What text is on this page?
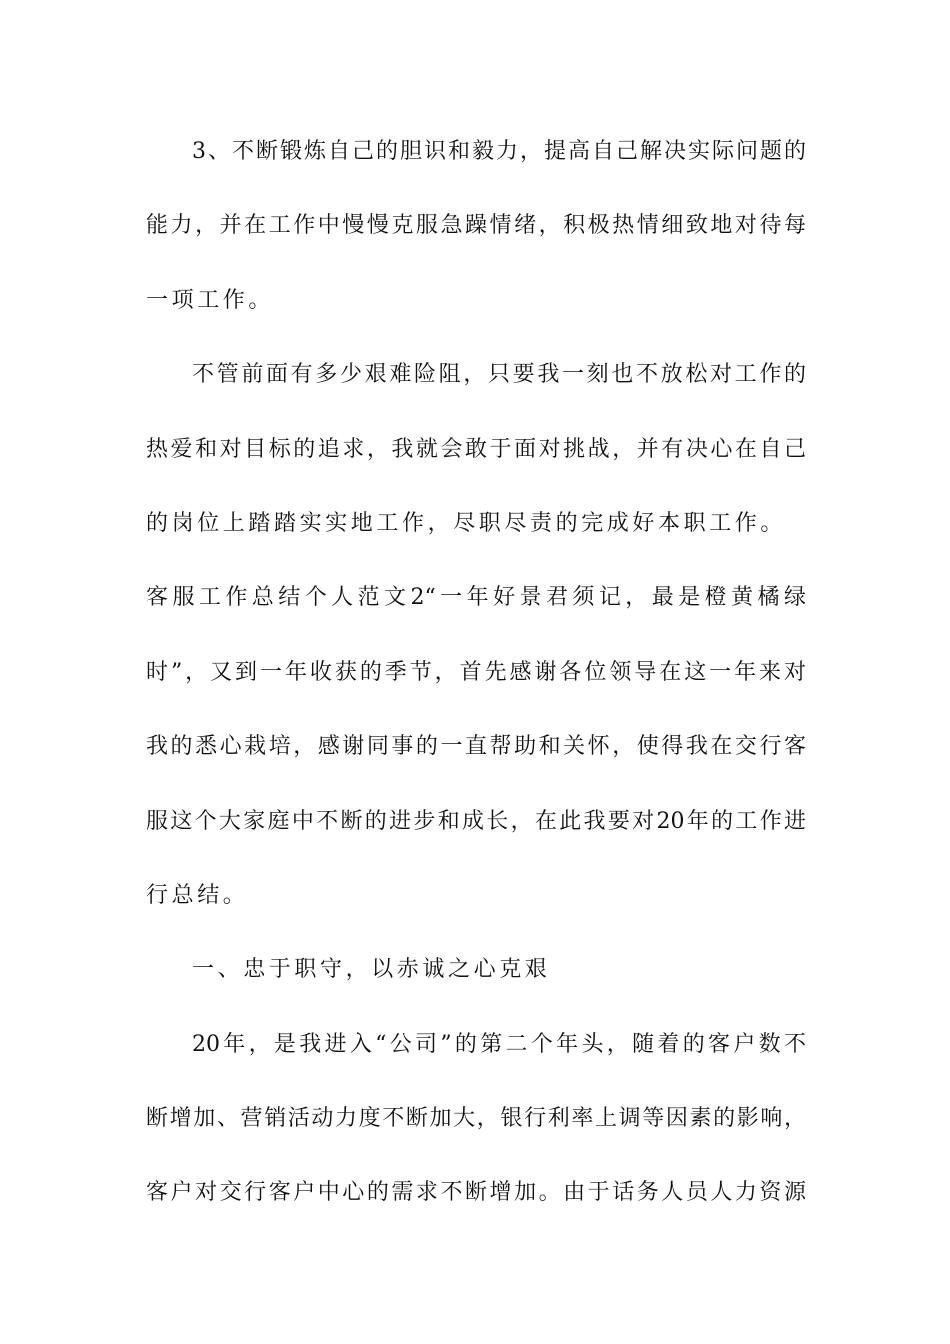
3、不断锻炼自己的胆识和毅力，提高自己解决实际问题的
能力，并在工作中慢慢克服急躁情绪，积极热情细致地对待每
一项工作。
不管前面有多少艰难险阻，只要我一刻也不放松对工作的
热爱和对目标的追求，我就会敢于面对挑战，并有决心在自己
的岗位上踏踏实实地工作，尽职尽责的完成好本职工作。
客服工作总结个人范文2“一年好景君须记，最是橙黄橘绿
时”，又到一年收获的季节，首先感谢各位领导在这一年来对
我的悉心栽培，感谢同事的一直帮助和关怀，使得我在交行客
服这个大家庭中不断的进步和成长，在此我要对20年的工作进
行总结。
一、忠于职守，以赤诚之心克艰
20年，是我进入“公司”的第二个年头，随着的客户数不
断增加、营销活动力度不断加大，银行利率上调等因素的影响，
客户对交行客户中心的需求不断增加。由于话务人员人力资源
